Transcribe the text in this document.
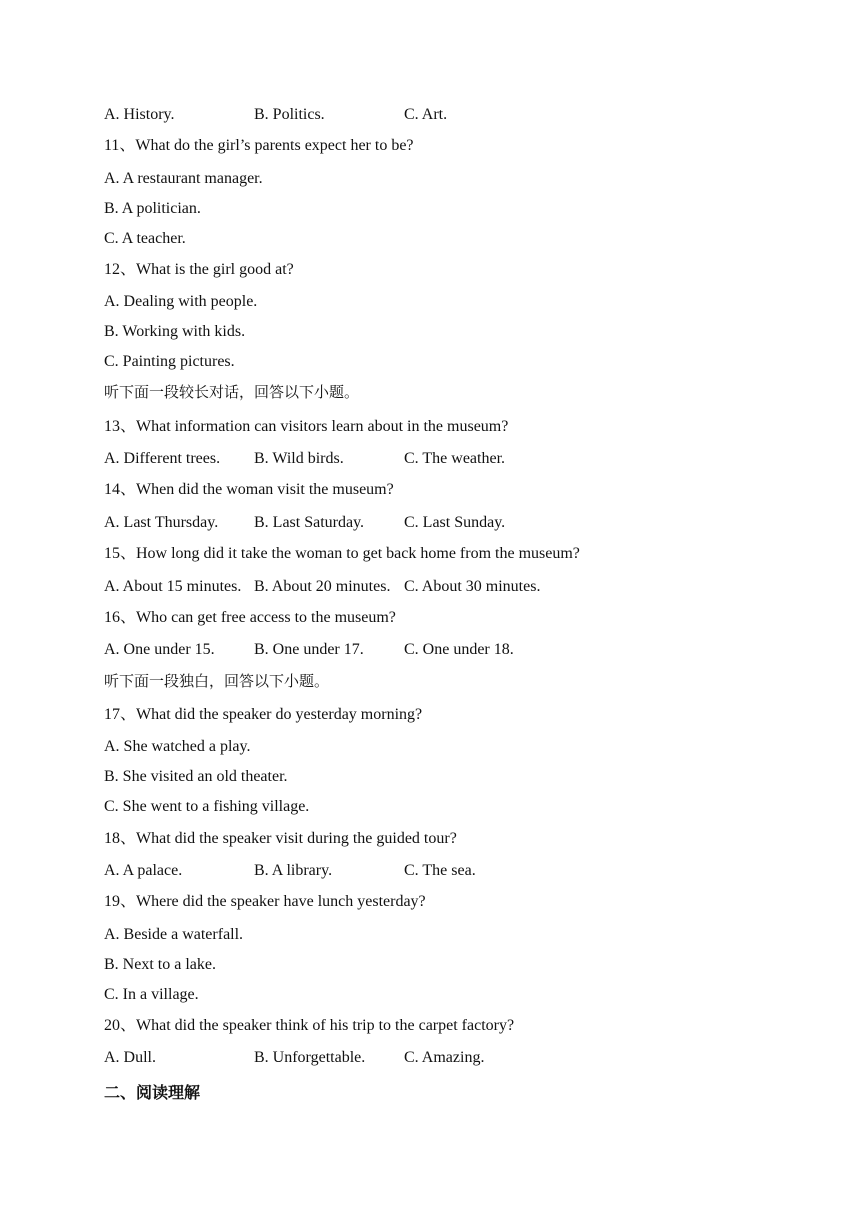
A. History.	B. Politics.	C. Art.
11、What do the girl’s parents expect her to be?
A. A restaurant manager.
B. A politician.
C. A teacher.
12、What is the girl good at?
A. Dealing with people.
B. Working with kids.
C. Painting pictures.
听下面一段较长对话，回答以下小题。
13、What information can visitors learn about in the museum?
A. Different trees. B. Wild birds.	C. The weather.
14、When did the woman visit the museum?
A. Last Thursday. B. Last Saturday. C. Last Sunday.
15、How long did it take the woman to get back home from the museum?
A. About 15 minutes. B. About 20 minutes. C. About 30 minutes.
16、Who can get free access to the museum?
A. One under 15. B. One under 17.	C. One under 18.
听下面一段独白，回答以下小题。
17、What did the speaker do yesterday morning?
A. She watched a play.
B. She visited an old theater.
C. She went to a fishing village.
18、What did the speaker visit during the guided tour?
A. A palace.	B. A library.	C. The sea.
19、Where did the speaker have lunch yesterday?
A. Beside a waterfall.
B. Next to a lake.
C. In a village.
20、What did the speaker think of his trip to the carpet factory?
A. Dull.	B. Unforgettable. C. Amazing.
二、阅读理解
